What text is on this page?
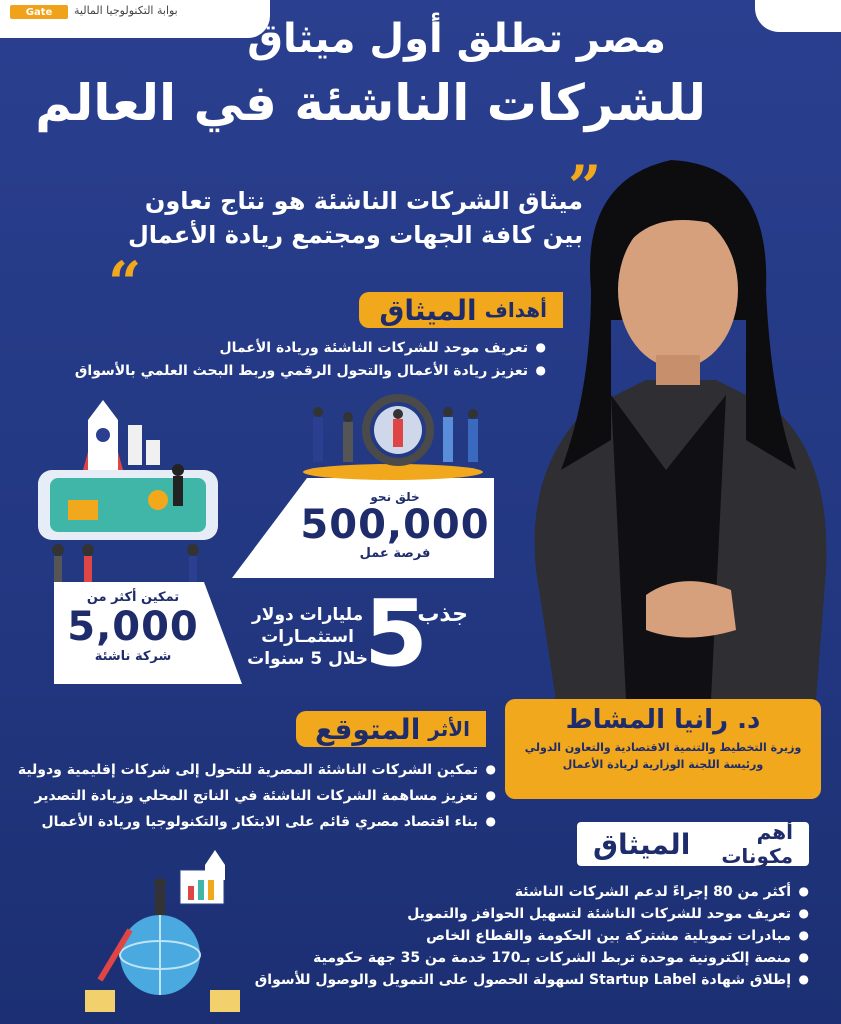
Gate	بوابة التكنولوجيا المالية
مصر تطلق أول ميثاق
للشركات الناشئة في العالم
”
ميثاق الشركات الناشئة هو نتاج تعاون
بين كافة الجهات ومجتمع ريادة الأعمال
“	أهداف
الميثاق
● تعريف موحد للشركات الناشئة وريادة الأعمال
● تعزيز ريادة الأعمال والتحول الرقمي وربط البحث العلمي بالأسواق
خلق نحو
500,000
فرصة عمل
تمكين أكثر من
5,000
شركة ناشئة
جذب
5
مليارات دولار
استثمـارات
خلال 5 سنوات
د. رانيا المشاط
وزيرة التخطيط والتنمية الاقتصادية والتعاون الدولي
ورئيسة اللجنة الوزارية لريادة الأعمال
الأثر
المتوقع
● تمكين الشركات الناشئة المصرية للتحول إلى شركات إقليمية ودولية
● تعزيز مساهمة الشركات الناشئة في الناتج المحلي وزيادة التصدير
● بناء اقتصاد مصري قائم على الابتكار والتكنولوجيا وريادة الأعمال	أهم مكونات
الميثاق
● أكثر من 80 إجراءً لدعم الشركات الناشئة
● تعريف موحد للشركات الناشئة لتسهيل الحوافز والتمويل
● مبادرات تمويلية مشتركة بين الحكومة والقطاع الخاص
● منصة إلكترونية موحدة تربط الشركات بـ170 خدمة من 35 جهة حكومية
● إطلاق شهادة Startup Label لسهولة الحصول على التمويل والوصول للأسواق
